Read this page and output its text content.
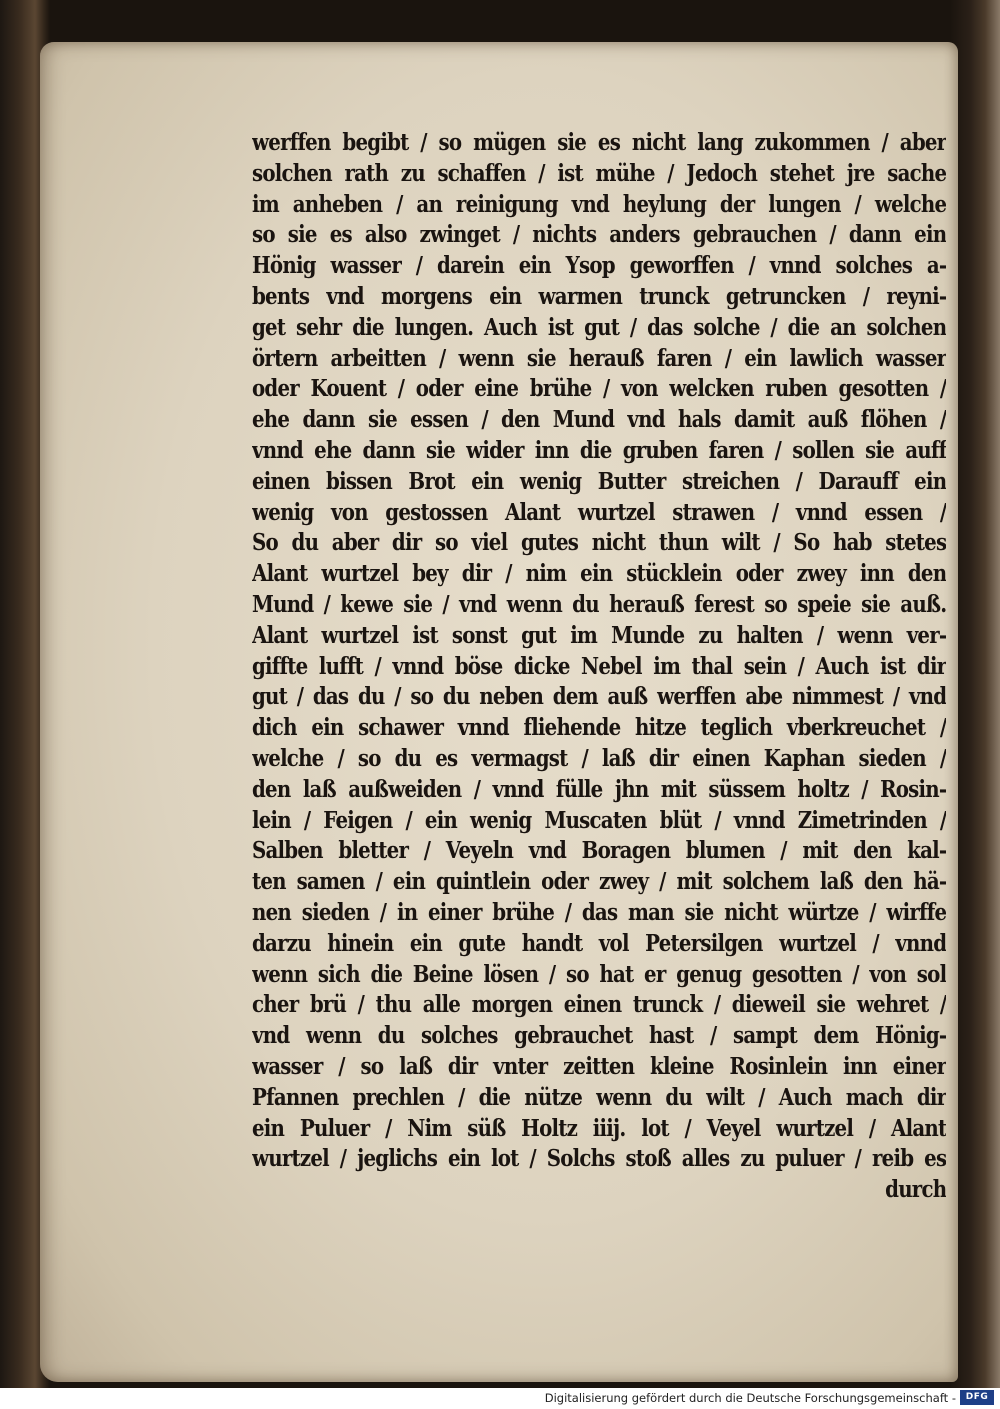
werffen begibt / so mügen sie es nicht lang zukommen / aber
solchen rath zu schaffen / ist mühe / Jedoch stehet jre sache
im anheben / an reinigung vnd heylung der lungen / welche
so sie es also zwinget / nichts anders gebrauchen / dann ein
Hönig wasser / darein ein Ysop geworffen / vnnd solches a-
bents vnd morgens ein warmen trunck getruncken / reyni-
get sehr die lungen. Auch ist gut / das solche / die an solchen
örtern arbeitten / wenn sie herauß faren / ein lawlich wasser
oder Kouent / oder eine brühe / von welcken ruben gesotten /
ehe dann sie essen / den Mund vnd hals damit auß flöhen /
vnnd ehe dann sie wider inn die gruben faren / sollen sie auff
einen bissen Brot ein wenig Butter streichen / Darauff ein
wenig von gestossen Alant wurtzel strawen / vnnd essen /
So du aber dir so viel gutes nicht thun wilt / So hab stetes
Alant wurtzel bey dir / nim ein stücklein oder zwey inn den
Mund / kewe sie / vnd wenn du herauß ferest so speie sie auß.
Alant wurtzel ist sonst gut im Munde zu halten / wenn ver-
giffte lufft / vnnd böse dicke Nebel im thal sein / Auch ist dir
gut / das du / so du neben dem auß werffen abe nimmest / vnd
dich ein schawer vnnd fliehende hitze teglich vberkreuchet /
welche / so du es vermagst / laß dir einen Kaphan sieden /
den laß außweiden / vnnd fülle jhn mit süssem holtz / Rosin-
lein / Feigen / ein wenig Muscaten blüt / vnnd Zimetrinden /
Salben bletter / Veyeln vnd Boragen blumen / mit den kal-
ten samen / ein quintlein oder zwey / mit solchem laß den hä-
nen sieden / in einer brühe / das man sie nicht würtze / wirffe
darzu hinein ein gute handt vol Petersilgen wurtzel / vnnd
wenn sich die Beine lösen / so hat er genug gesotten / von sol
cher brü / thu alle morgen einen trunck / dieweil sie wehret /
vnd wenn du solches gebrauchet hast / sampt dem Hönig-
wasser / so laß dir vnter zeitten kleine Rosinlein inn einer
Pfannen prechlen / die nütze wenn du wilt / Auch mach dir
ein Puluer / Nim süß Holtz iiij. lot / Veyel wurtzel / Alant
wurtzel / jeglichs ein lot / Solchs stoß alles zu puluer / reib es
durch
Digitalisierung gefördert durch die Deutsche Forschungsgemeinschaft -	DFG
